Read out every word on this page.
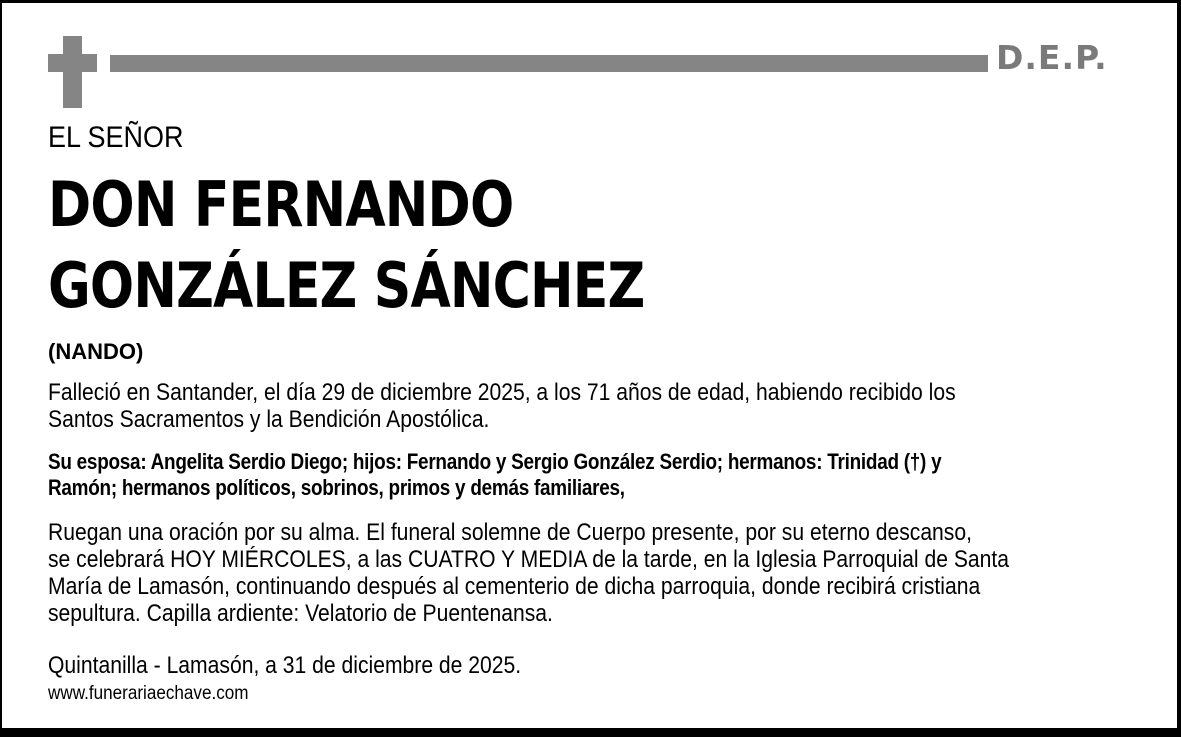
D.E.P.
EL SEÑOR
DON FERNANDO
GONZÁLEZ SÁNCHEZ
(NANDO)
Falleció en Santander, el día 29 de diciembre 2025, a los 71 años de edad, habiendo recibido los
Santos Sacramentos y la Bendición Apostólica.
Su esposa: Angelita Serdio Diego; hijos: Fernando y Sergio González Serdio; hermanos: Trinidad (†) y
Ramón; hermanos políticos, sobrinos, primos y demás familiares,
Ruegan una oración por su alma. El funeral solemne de Cuerpo presente, por su eterno descanso,
se celebrará HOY MIÉRCOLES, a las CUATRO Y MEDIA de la tarde, en la Iglesia Parroquial de Santa
María de Lamasón, continuando después al cementerio de dicha parroquia, donde recibirá cristiana
sepultura. Capilla ardiente: Velatorio de Puentenansa.
Quintanilla - Lamasón, a 31 de diciembre de 2025.
www.funerariaechave.com
